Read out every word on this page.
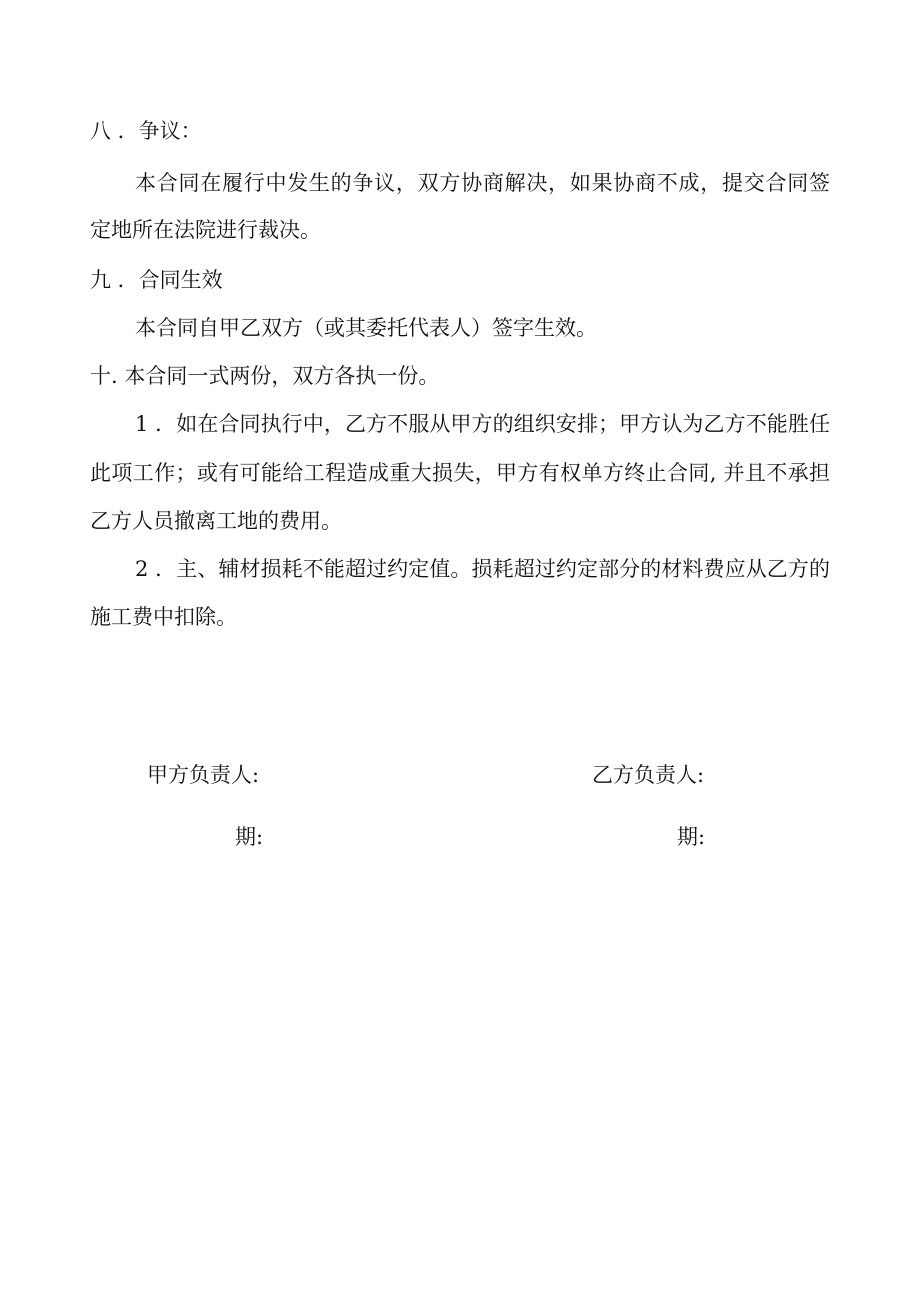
八 ．争议：
本合同在履行中发生的争议，双方协商解决，如果协商不成，提交合同签
定地所在法院进行裁决。
九 ．合同生效
本合同自甲乙双方（或其委托代表人）签字生效。
十. 本合同一式两份，双方各执一份。
1 ．如在合同执行中，乙方不服从甲方的组织安排；甲方认为乙方不能胜任
此项工作；或有可能给工程造成重大损失，甲方有权单方终止合同, 并且不承担
乙方人员撤离工地的费用。
2 ．主、辅材损耗不能超过约定值。损耗超过约定部分的材料费应从乙方的
施工费中扣除。
甲方负责人:	乙方负责人:
期:	期:
